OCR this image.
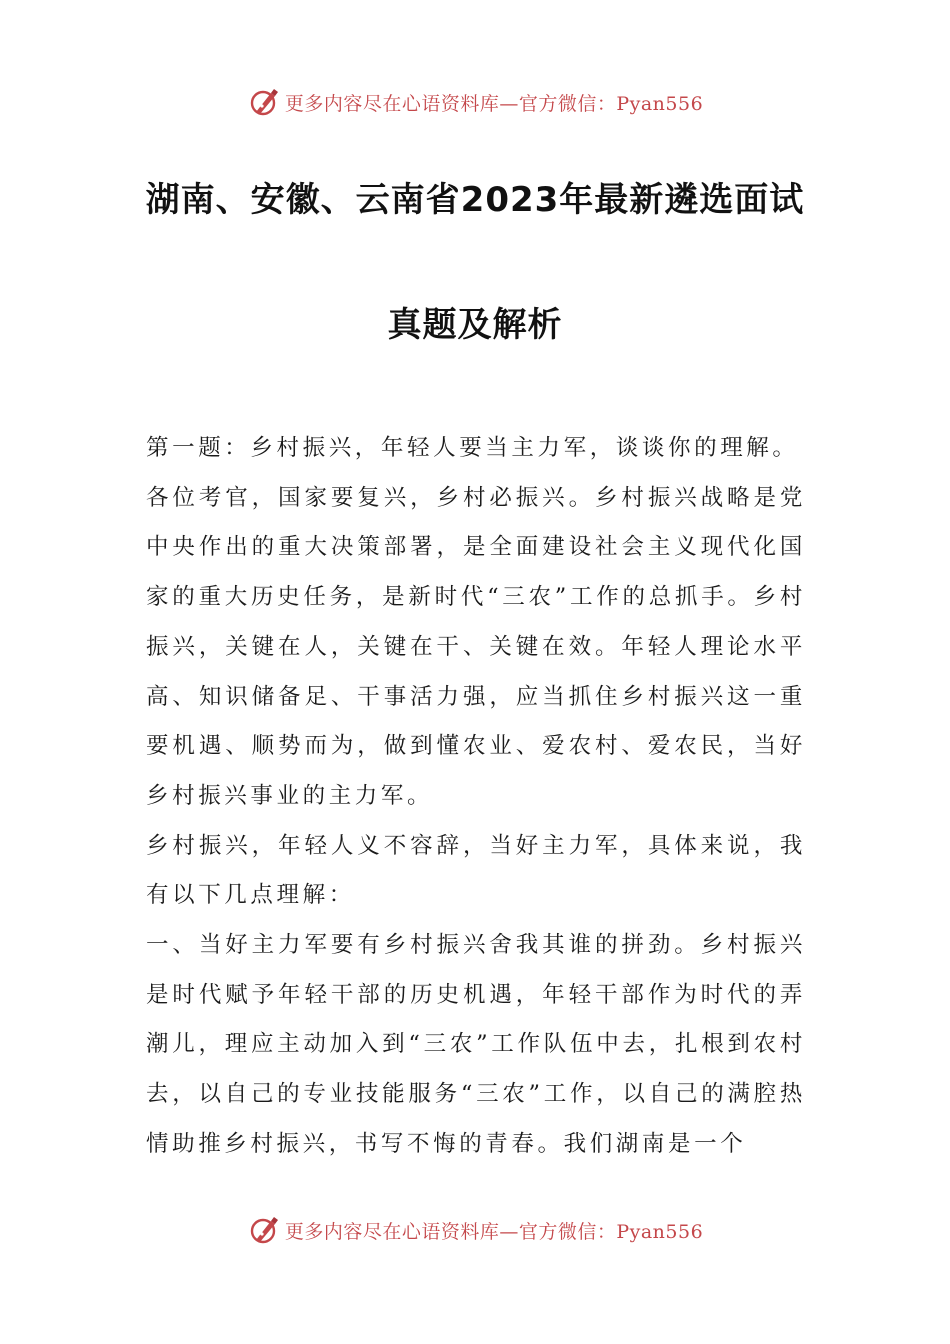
更多内容尽在心语资料库—官方微信：Pyan556
湖南、安徽、云南省2023年最新遴选面试
真题及解析

第一题：乡村振兴，年轻人要当主力军，谈谈你的理解。

各位考官，国家要复兴，乡村必振兴。乡村振兴战略是党中央作出的重大决策部署，是全面建设社会主义现代化国家的重大历史任务，是新时代“三农”工作的总抓手。乡村振兴，关键在人，关键在干、关键在效。年轻人理论水平高、知识储备足、干事活力强，应当抓住乡村振兴这一重要机遇、顺势而为，做到懂农业、爱农村、爱农民，当好乡村振兴事业的主力军。

乡村振兴，年轻人义不容辞，当好主力军，具体来说，我有以下几点理解：

一、当好主力军要有乡村振兴舍我其谁的拼劲。乡村振兴是时代赋予年轻干部的历史机遇，年轻干部作为时代的弄潮儿，理应主动加入到“三农”工作队伍中去，扎根到农村去，以自己的专业技能服务“三农”工作，以自己的满腔热情助推乡村振兴，书写不悔的青春。我们湖南是一个

更多内容尽在心语资料库—官方微信：Pyan556
